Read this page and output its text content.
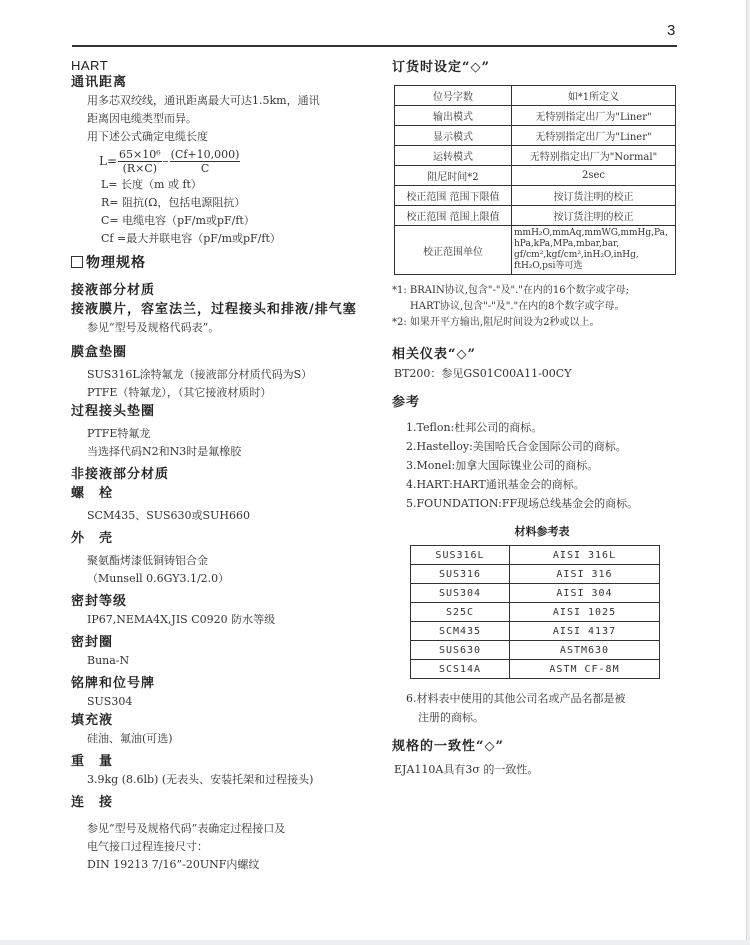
3
HART
通讯距离
用多芯双绞线，通讯距离最大可达1.5km，通讯
距离因电缆类型而异。
用下述公式确定电缆长度
$L= \frac{\text{65×10⁶}}{(R\times C)} - \frac{(Cf+10,000)}{C}$
L= 长度（m 或 ft）
R= 阻抗(Ω，包括电源阻抗）
C= 电缆电容（pF/m或pF/ft）
Cf =最大并联电容（pF/m或pF/ft）
物理规格
接液部分材质
接液膜片，容室法兰，过程接头和排液/排气塞
参见“型号及规格代码表”。
膜盒垫圈
SUS316L涂特氟龙（接液部分材质代码为S）
PTFE（特氟龙），（其它接液材质时）
过程接头垫圈
PTFE特氟龙
当选择代码N2和N3时是氟橡胶
非接液部分材质
螺　栓
SCM435、SUS630或SUH660
外　壳
聚氨酯烤漆低铜铸铝合金
（Munsell 0.6GY3.1/2.0）
密封等级
IP67,NEMA4X,JIS C0920 防水等级
密封圈
Buna-N
铭牌和位号牌
SUS304
填充液
硅油、氟油(可选)
重　量
3.9kg (8.6lb) (无表头、安装托架和过程接头)
连　接
参见“型号及规格代码”表确定过程接口及
电气接口过程连接尺寸：
DIN 19213 7/16”-20UNF内螺纹
订货时设定“◇”
位号字数	如*1所定义
输出模式	无特别指定出厂为"Liner"
显示模式	无特别指定出厂为"Liner"
运转模式	无特别指定出厂为"Normal"
阻尼时间*2	2sec
校正范围 范围下限值	按订货注明的校正
校正范围 范围上限值	按订货注明的校正
校正范围单位	mmH₂O,mmAq,mmWG,mmHg,Pa, hPa,kPa,MPa,mbar,bar, gf/cm²,kgf/cm²,inH₂O,inHg, ftH₂O,psi等可选
*1: BRAIN协议,包含"-"及"."在内的16个数字或字母;
HART协议,包含"-"及"."在内的8个数字或字母。
*2: 如果开平方输出,阻尼时间设为2秒或以上。
相关仪表“◇”
BT200：参见GS01C00A11-00CY
参考
1.Teflon:杜邦公司的商标。
2.Hastelloy:美国哈氏合金国际公司的商标。
3.Monel:加拿大国际镍业公司的商标。
4.HART:HART通讯基金会的商标。
5.FOUNDATION:FF现场总线基金会的商标。
材料参考表
SUS316L	AISI 316L
SUS316	AISI 316
SUS304	AISI 304
S25C	AISI 1025
SCM435	AISI 4137
SUS630	ASTM630
SCS14A	ASTM CF-8M
6.材料表中使用的其他公司名或产品名都是被
注册的商标。
规格的一致性“◇”
EJA110A具有3σ 的一致性。
